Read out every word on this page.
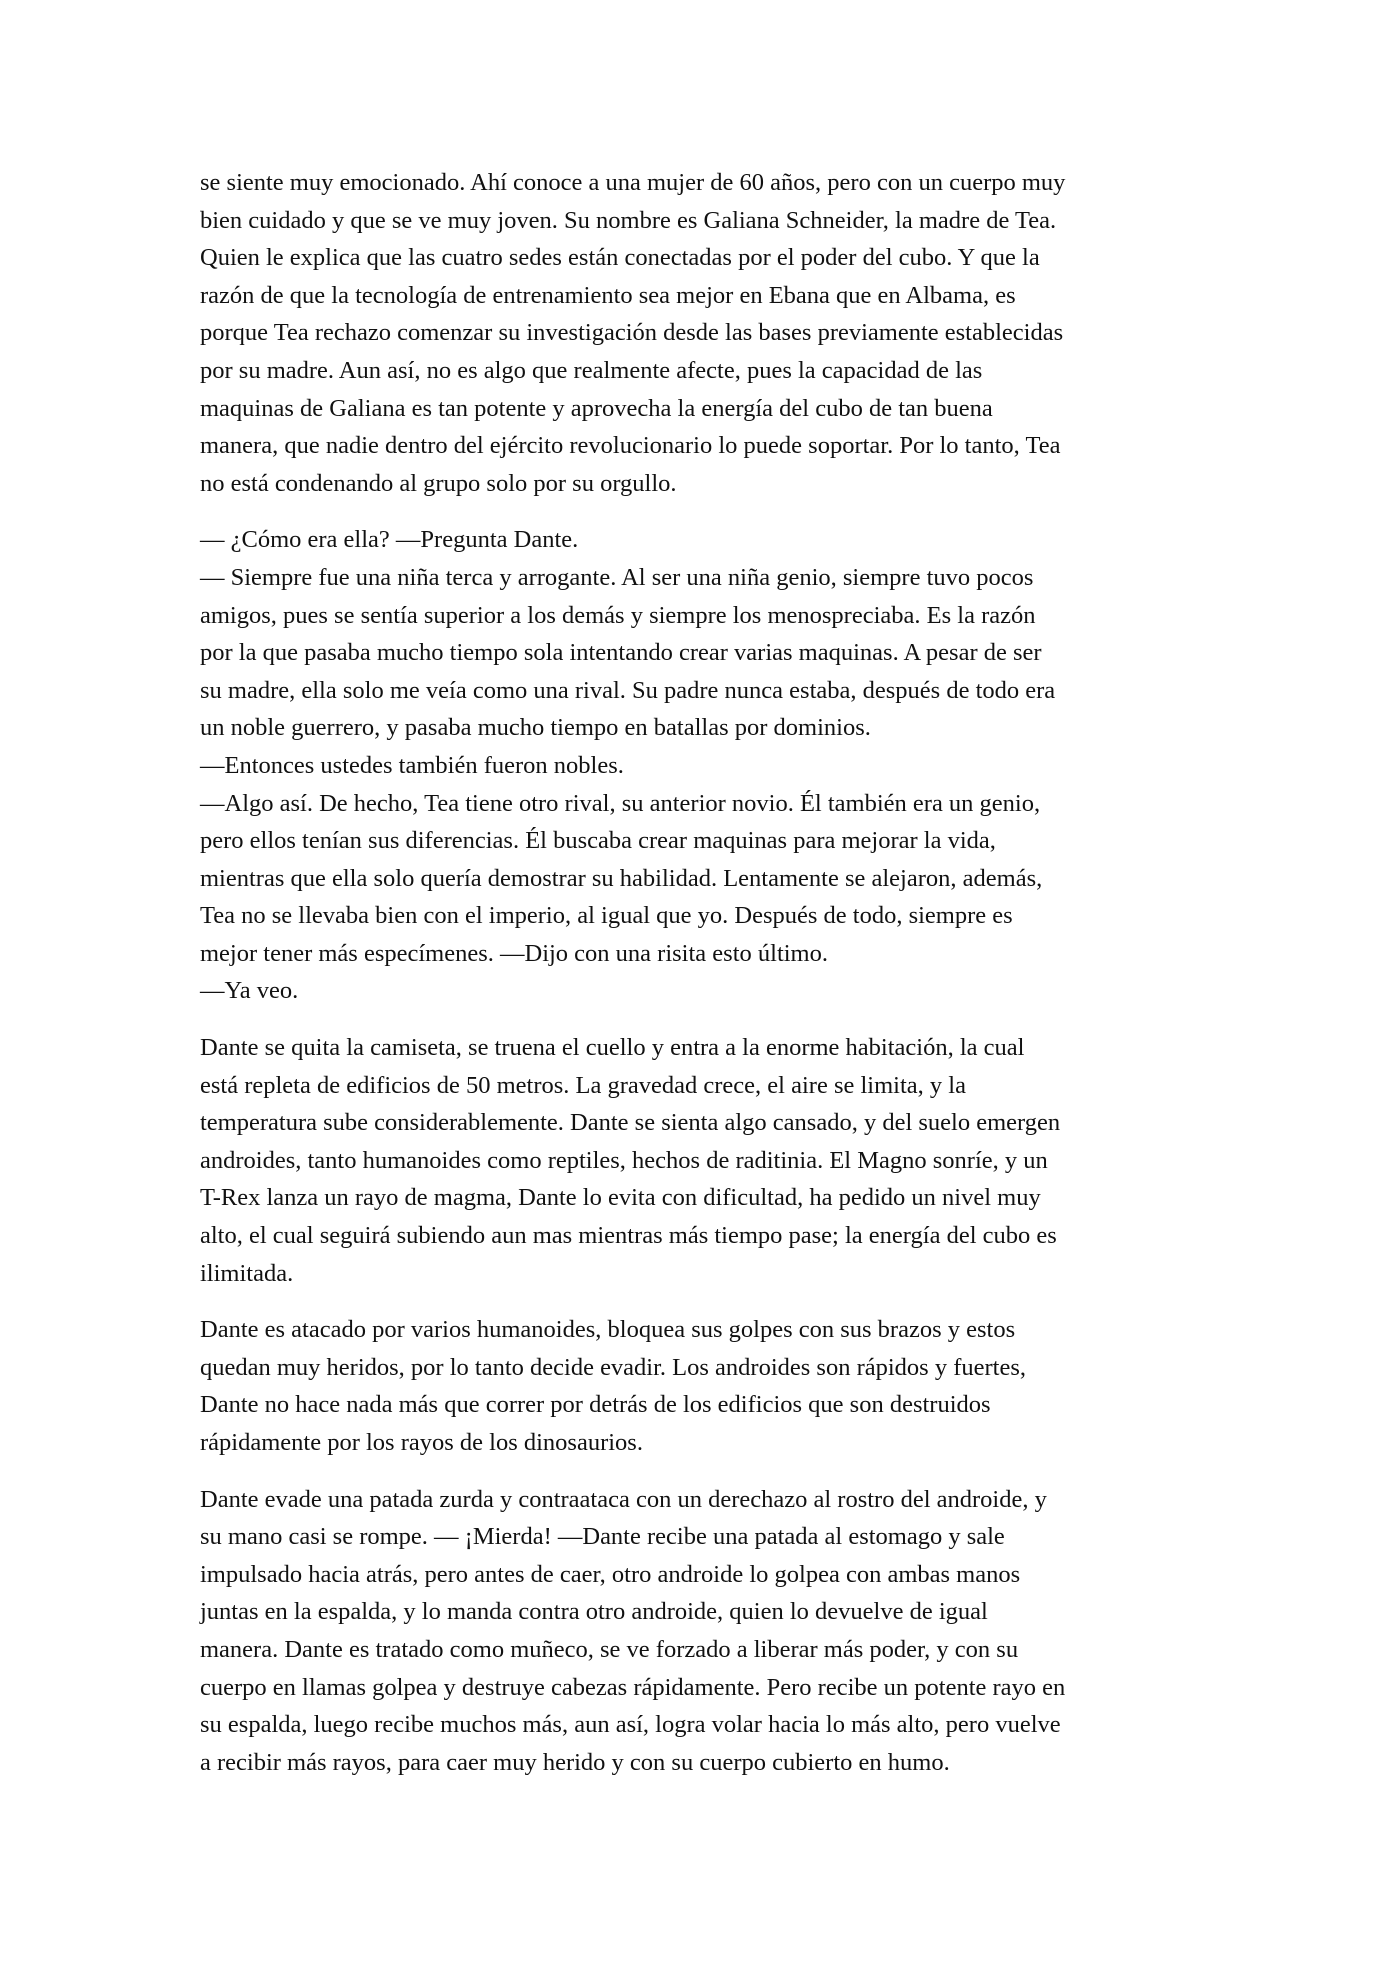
se siente muy emocionado. Ahí conoce a una mujer de 60 años, pero con un cuerpo muy
bien cuidado y que se ve muy joven. Su nombre es Galiana Schneider, la madre de Tea.
Quien le explica que las cuatro sedes están conectadas por el poder del cubo. Y que la
razón de que la tecnología de entrenamiento sea mejor en Ebana que en Albama, es
porque Tea rechazo comenzar su investigación desde las bases previamente establecidas
por su madre. Aun así, no es algo que realmente afecte, pues la capacidad de las
maquinas de Galiana es tan potente y aprovecha la energía del cubo de tan buena
manera, que nadie dentro del ejército revolucionario lo puede soportar. Por lo tanto, Tea
no está condenando al grupo solo por su orgullo.

— ¿Cómo era ella? —Pregunta Dante.
— Siempre fue una niña terca y arrogante. Al ser una niña genio, siempre tuvo pocos
amigos, pues se sentía superior a los demás y siempre los menospreciaba. Es la razón
por la que pasaba mucho tiempo sola intentando crear varias maquinas. A pesar de ser
su madre, ella solo me veía como una rival. Su padre nunca estaba, después de todo era
un noble guerrero, y pasaba mucho tiempo en batallas por dominios.
—Entonces ustedes también fueron nobles.
—Algo así. De hecho, Tea tiene otro rival, su anterior novio. Él también era un genio,
pero ellos tenían sus diferencias. Él buscaba crear maquinas para mejorar la vida,
mientras que ella solo quería demostrar su habilidad. Lentamente se alejaron, además,
Tea no se llevaba bien con el imperio, al igual que yo. Después de todo, siempre es
mejor tener más especímenes. —Dijo con una risita esto último.
—Ya veo.

Dante se quita la camiseta, se truena el cuello y entra a la enorme habitación, la cual
está repleta de edificios de 50 metros. La gravedad crece, el aire se limita, y la
temperatura sube considerablemente. Dante se sienta algo cansado, y del suelo emergen
androides, tanto humanoides como reptiles, hechos de raditinia. El Magno sonríe, y un
T-Rex lanza un rayo de magma, Dante lo evita con dificultad, ha pedido un nivel muy
alto, el cual seguirá subiendo aun mas mientras más tiempo pase; la energía del cubo es
ilimitada.

Dante es atacado por varios humanoides, bloquea sus golpes con sus brazos y estos
quedan muy heridos, por lo tanto decide evadir. Los androides son rápidos y fuertes,
Dante no hace nada más que correr por detrás de los edificios que son destruidos
rápidamente por los rayos de los dinosaurios.

Dante evade una patada zurda y contraataca con un derechazo al rostro del androide, y
su mano casi se rompe. — ¡Mierda! —Dante recibe una patada al estomago y sale
impulsado hacia atrás, pero antes de caer, otro androide lo golpea con ambas manos
juntas en la espalda, y lo manda contra otro androide, quien lo devuelve de igual
manera. Dante es tratado como muñeco, se ve forzado a liberar más poder, y con su
cuerpo en llamas golpea y destruye cabezas rápidamente. Pero recibe un potente rayo en
su espalda, luego recibe muchos más, aun así, logra volar hacia lo más alto, pero vuelve
a recibir más rayos, para caer muy herido y con su cuerpo cubierto en humo.
